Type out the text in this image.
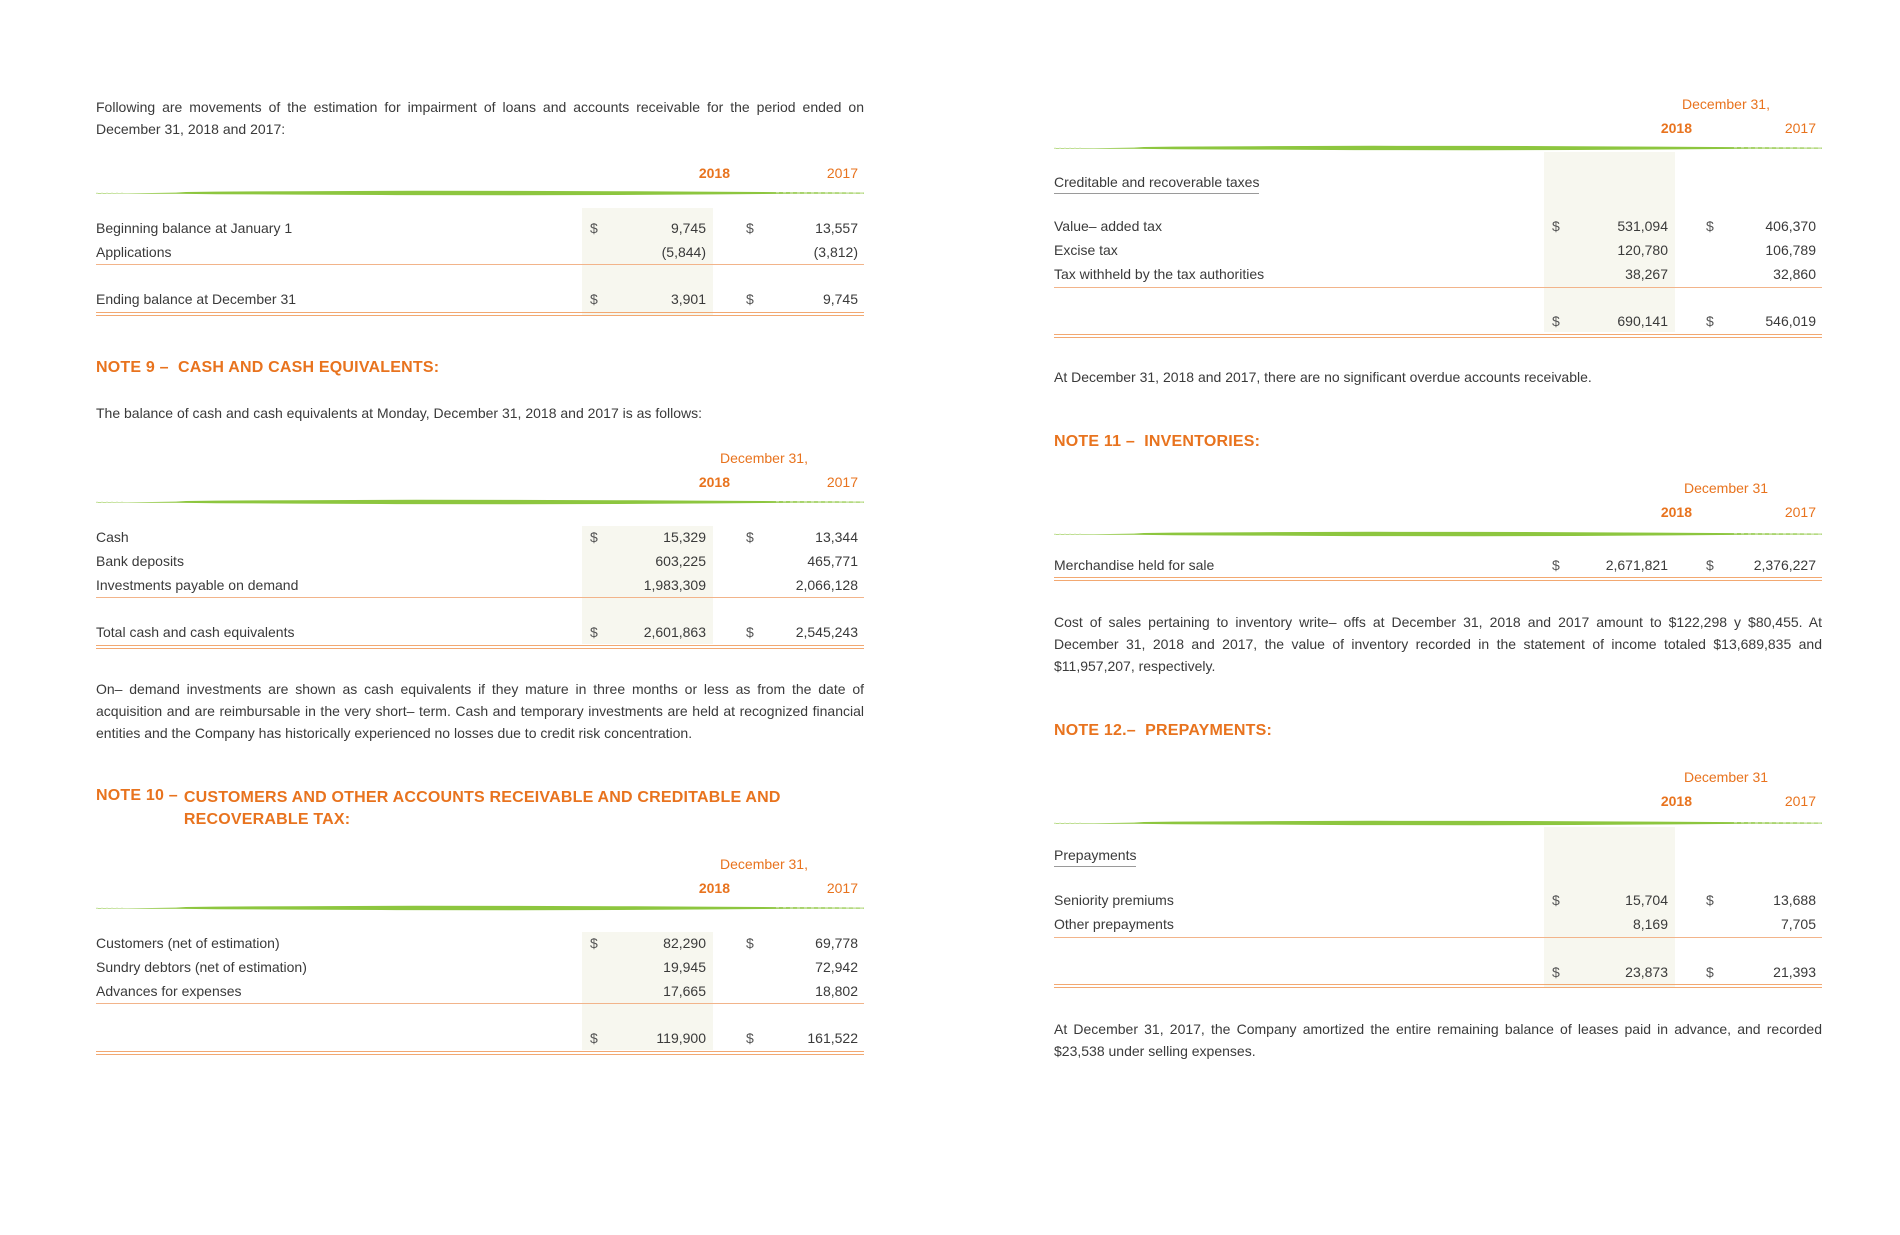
Following are movements of the estimation for impairment of loans and accounts receivable for the period ended on December 31, 2018 and 2017:
2018	2017
Beginning balance at January 1	$	9,745	$	13,557
Applications	(5,844)	(3,812)
Ending balance at December 31	$	3,901	$	9,745
NOTE 9 – CASH AND CASH EQUIVALENTS:
The balance of cash and cash equivalents at Monday, December 31, 2018 and 2017 is as follows:
December 31,
2018	2017
Cash	$	15,329	$	13,344
Bank deposits	603,225	465,771
Investments payable on demand	1,983,309	2,066,128
Total cash and cash equivalents	$	2,601,863	$	2,545,243
On– demand investments are shown as cash equivalents if they mature in three months or less as from the date of acquisition and are reimbursable in the very short– term. Cash and temporary investments are held at recognized financial entities and the Company has historically experienced no losses due to credit risk concentration.
NOTE 10 – CUSTOMERS AND OTHER ACCOUNTS RECEIVABLE AND CREDITABLE AND RECOVERABLE TAX:
December 31,
2018	2017
Customers (net of estimation)	$	82,290	$	69,778
Sundry debtors (net of estimation)	19,945	72,942
Advances for expenses	17,665	18,802
$	119,900	$	161,522
December 31,
2018	2017
Creditable and recoverable taxes
Value– added tax	$	531,094	$	406,370
Excise tax	120,780	106,789
Tax withheld by the tax authorities	38,267	32,860
$	690,141	$	546,019
At December 31, 2018 and 2017, there are no significant overdue accounts receivable.
NOTE 11 – INVENTORIES:
December 31
2018	2017
Merchandise held for sale	$	2,671,821	$	2,376,227
Cost of sales pertaining to inventory write– offs at December 31, 2018 and 2017 amount to $122,298 y $80,455. At December 31, 2018 and 2017, the value of inventory recorded in the statement of income totaled $13,689,835 and $11,957,207, respectively.
NOTE 12.– PREPAYMENTS:
December 31
2018	2017
Prepayments
Seniority premiums	$	15,704	$	13,688
Other prepayments	8,169	7,705
$	23,873	$	21,393
At December 31, 2017, the Company amortized the entire remaining balance of leases paid in advance, and recorded $23,538 under selling expenses.
